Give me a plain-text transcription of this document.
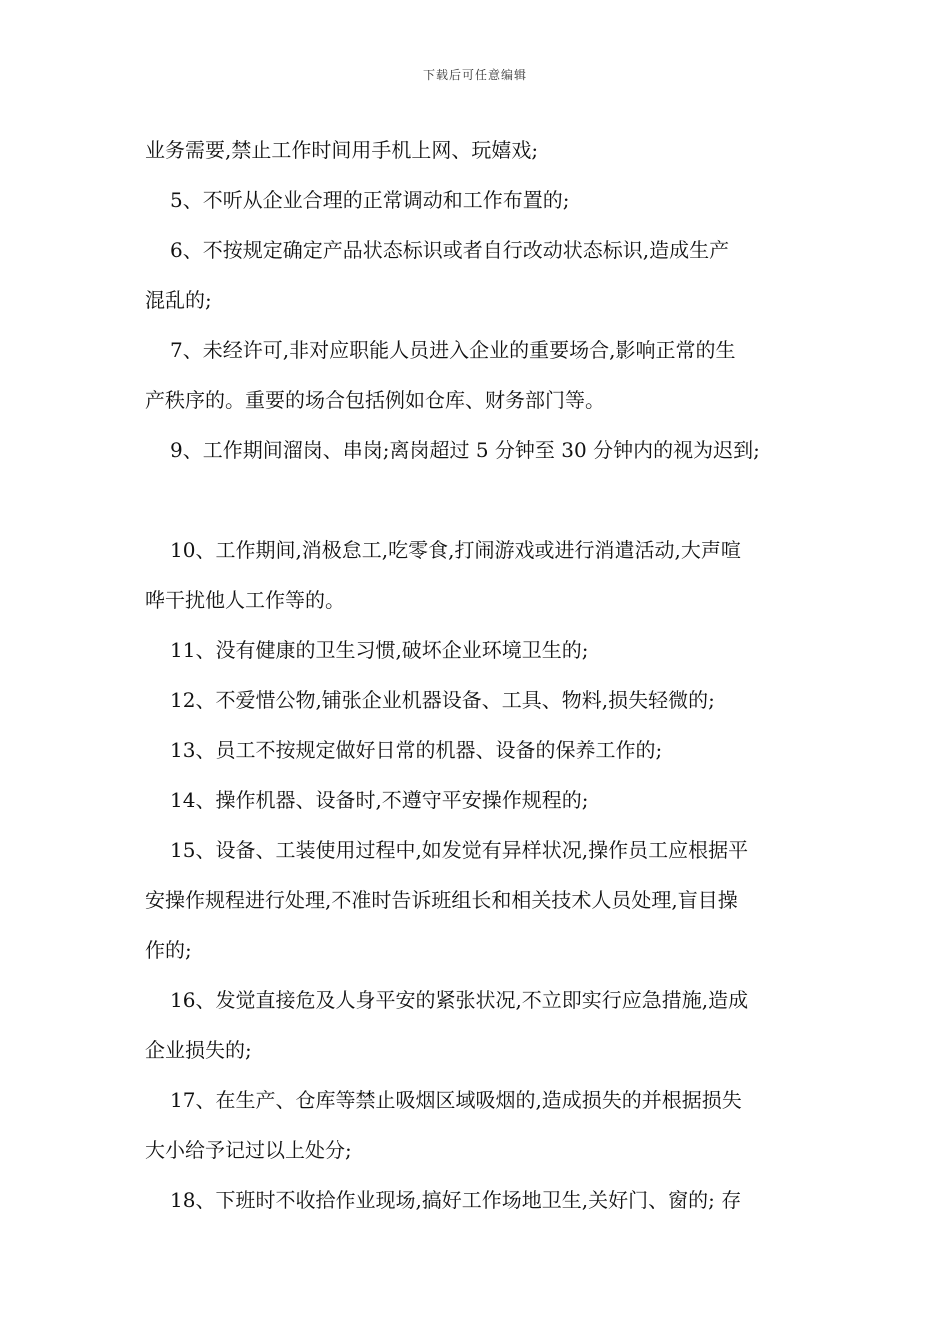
下载后可任意编辑
业务需要,禁止工作时间用手机上网、玩嬉戏;
5、不听从企业合理的正常调动和工作布置的;
6、不按规定确定产品状态标识或者自行改动状态标识,造成生产
混乱的;
7、未经许可,非对应职能人员进入企业的重要场合,影响正常的生
产秩序的。重要的场合包括例如仓库、财务部门等。
9、工作期间溜岗、串岗;离岗超过 5 分钟至 30 分钟内的视为迟到;
10、工作期间,消极怠工,吃零食,打闹游戏或进行消遣活动,大声喧
哗干扰他人工作等的。
11、没有健康的卫生习惯,破坏企业环境卫生的;
12、不爱惜公物,铺张企业机器设备、工具、物料,损失轻微的;
13、员工不按规定做好日常的机器、设备的保养工作的;
14、操作机器、设备时,不遵守平安操作规程的;
15、设备、工装使用过程中,如发觉有异样状况,操作员工应根据平
安操作规程进行处理,不准时告诉班组长和相关技术人员处理,盲目操
作的;
16、发觉直接危及人身平安的紧张状况,不立即实行应急措施,造成
企业损失的;
17、在生产、仓库等禁止吸烟区域吸烟的,造成损失的并根据损失
大小给予记过以上处分;
18、下班时不收拾作业现场,搞好工作场地卫生,关好门、窗的; 存
